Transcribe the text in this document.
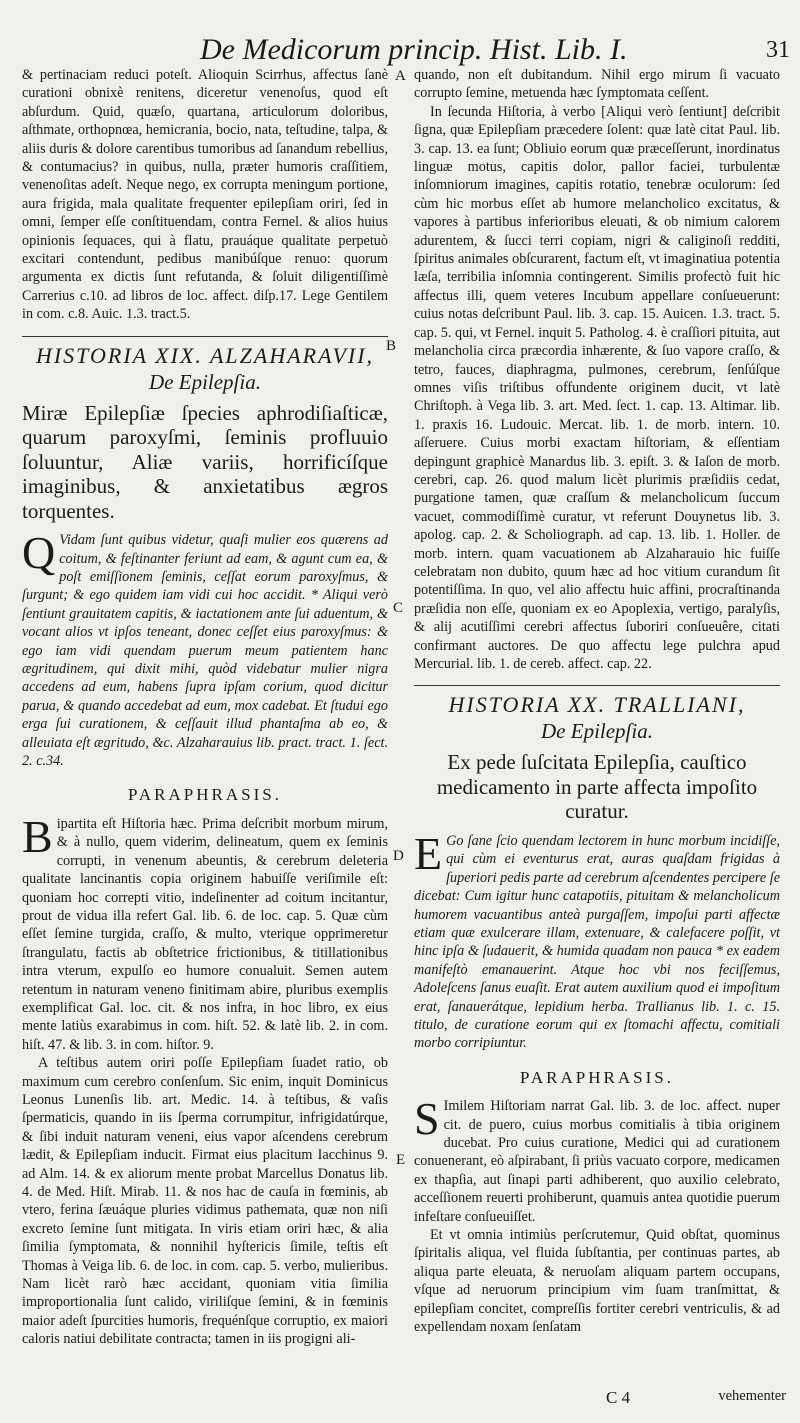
De Medicorum princip. Hist. Lib. I.	31

& pertinaciam reduci poteſt. Alioquin Scirrhus, affectus ſanè curationi obnixè renitens, diceretur venenoſus, quod eſt abſurdum. Quid, quæſo, quartana, articulorum doloribus, aſthmate, orthopnœa, hemicrania, bocio, nata, teſtudine, talpa, & aliis duris & dolore carentibus tumoribus ad ſanandum rebellius, & contumacius? in quibus, nulla, præter humoris craſſitiem, venenoſitas adeſt. Neque nego, ex corrupta meningum portione, aura frigida, mala qualitate frequenter epilepſiam oriri, ſed in omni, ſemper eſſe conſtituendam, contra Fernel. & alios huius opinionis ſequaces, qui à flatu, prauáque qualitate perpetuò excitari contendunt, pedibus manibúſque renuo: quorum argumenta ex dictis ſunt refutanda, & ſoluit diligentiſſimè Carrerius c.10. ad libros de loc. affect. diſp.17. Lege Gentilem in com. c.8. Auic. 1.3. tract.5.

HISTORIA XIX. ALZAHARAVII,

De Epilepſia.

Miræ Epilepſiæ ſpecies aphrodiſiaſticæ, quarum paroxyſmi, ſeminis profluuio ſoluuntur, Aliæ variis, horrificíſque imaginibus, & anxietatibus ægros torquentes.

Q Vidam ſunt quibus videtur, quaſi mulier eos quærens ad coitum, & feſtinanter feriunt ad eam, & agunt cum ea, & poſt emiſſionem ſeminis, ceſſat eorum paroxyſmus, & ſurgunt; & ego quidem iam vidi cui hoc accidit. * Aliqui verò ſentiunt grauitatem capitis, & iactationem ante ſui aduentum, & vocant alios vt ipſos teneant, donec ceſſet eius paroxyſmus: & ego iam vidi quendam puerum meum patientem hanc ægritudinem, qui dixit mihi, quòd videbatur mulier nigra accedens ad eum, habens ſupra ipſam corium, quod dicitur parua, & quando accedebat ad eum, mox cadebat. Et ſtudui ego erga ſui curationem, & ceſſauit illud phantaſma ab eo, & alleuiata eſt ægritudo, &c. Alzaharauius lib. pract. tract. 1. ſect. 2. c.34.

PARAPHRASIS.

Bipartita eſt Hiſtoria hæc. Prima deſcribit morbum mirum, & à nullo, quem viderim, delineatum, quem ex ſeminis corrupti, in venenum abeuntis, & cerebrum deleteria qualitate lancinantis copia originem habuiſſe veriſimile eſt: quoniam hoc correpti vitio, indeſinenter ad coitum incitantur, prout de vidua illa refert Gal. lib. 6. de loc. cap. 5. Quæ cùm eſſet ſemine turgida, craſſo, & multo, vterique opprimeretur ſtrangulatu, factis ab obſtetrice frictionibus, & titillationibus intra vterum, expulſo eo humore conualuit. Semen autem retentum in naturam veneno finitimam abire, pluribus exemplis exemplificat Gal. loc. cit. & nos infra, in hoc libro, ex eius mente latiùs exarabimus in com. hiſt. 52. & latè lib. 2. in com. hiſt. 47. & lib. 3. in com. hiſtor. 9.

A teſtibus autem oriri poſſe Epilepſiam ſuadet ratio, ob maximum cum cerebro conſenſum. Sic enim, inquit Dominicus Leonus Lunenſis lib. art. Medic. 14. à teſtibus, & vaſis ſpermaticis, quando in iis ſperma corrumpitur, infrigidatúrque, & ſibi induit naturam veneni, eius vapor aſcendens cerebrum lædit, & Epilepſiam inducit. Firmat eius placitum Iacchinus 9. ad Alm. 14. & ex aliorum mente probat Marcellus Donatus lib. 4. de Med. Hiſt. Mirab. 11. & nos hac de cauſa in fœminis, ab vtero, ferina ſæuáque pluries vidimus pathemata, quæ non niſi excreto ſemine ſunt mitigata. In viris etiam oriri hæc, & alia ſimilia ſymptomata, & nonnihil hyſtericis ſimile, teſtis eſt Thomas à Veiga lib. 6. de loc. in com. cap. 5. verbo, mulieribus. Nam licèt rarò hæc accidant, quoniam vitia ſimilia improportionalia ſunt calido, viriliſque ſemini, & in fœminis maior adeſt ſpurcities humoris, frequénſque corruptio, ex maiori caloris natiui debilitate contracta; tamen in iis progigni ali-

quando, non eſt dubitandum. Nihil ergo mirum ſi vacuato corrupto ſemine, metuenda hæc ſymptomata ceſſent.

In ſecunda Hiſtoria, à verbo [Aliqui verò ſentiunt] deſcribit ſigna, quæ Epilepſiam præcedere ſolent: quæ latè citat Paul. lib. 3. cap. 13. ea ſunt; Obliuio eorum quæ præceſſerunt, inordinatus linguæ motus, capitis dolor, pallor faciei, turbulentæ inſomniorum imagines, capitis rotatio, tenebræ oculorum: ſed cùm hic morbus eſſet ab humore melancholico excitatus, & vapores à partibus inferioribus eleuati, & ob nimium calorem adurentem, & ſucci terri copiam, nigri & caliginoſi redditi, ſpiritus animales obſcurarent, factum eſt, vt imaginatiua potentia læſa, terribilia inſomnia contingerent. Similis profectò fuit hic affectus illi, quem veteres Incubum appellare conſueuerunt: cuius notas deſcribunt Paul. lib. 3. cap. 15. Auicen. 1.3. tract. 5. cap. 5. qui, vt Fernel. inquit 5. Patholog. 4. è craſſiori pituita, aut melancholia circa præcordia inhærente, & ſuo vapore craſſo, & tetro, fauces, diaphragma, pulmones, cerebrum, ſenſúſque omnes viſis triſtibus offundente originem ducit, vt latè Chriſtoph. à Vega lib. 3. art. Med. ſect. 1. cap. 13. Altimar. lib. 1. praxis 16. Ludouic. Mercat. lib. 1. de morb. intern. 10. aſſeruere. Cuius morbi exactam hiſtoriam, & eſſentiam depingunt graphicè Manardus lib. 3. epiſt. 3. & Iaſon de morb. cerebri, cap. 26. quod malum licèt plurimis præſidiis cedat, purgatione tamen, quæ craſſum & melancholicum ſuccum vacuet, commodiſſimè curatur, vt referunt Douynetus lib. 3. apolog. cap. 2. & Scholiograph. ad cap. 13. lib. 1. Holler. de morb. intern. quam vacuationem ab Alzaharauio hic fuiſſe celebratam non dubito, quum hæc ad hoc vitium curandum ſit potentiſſima. In quo, vel alio affectu huic affini, procraſtinanda præſidia non eſſe, quoniam ex eo Apoplexia, vertigo, paralyſis, & alij acutiſſimi cerebri affectus ſuboriri conſueuêre, citati confirmant auctores. De quo affectu lege pulchra apud Mercurial. lib. 1. de cereb. affect. cap. 22.

HISTORIA XX. TRALLIANI,

De Epilepſia.

Ex pede ſuſcitata Epilepſia, cauſtico medicamento in parte affecta impoſito curatur.

E Go ſane ſcio quendam lectorem in hunc morbum incidiſſe, qui cùm ei eventurus erat, auras quaſdam frigidas à ſuperiori pedis parte ad cerebrum aſcendentes percipere ſe dicebat: Cum igitur hunc catapotiis, pituitam & melancholicum humorem vacuantibus anteà purgaſſem, impoſui parti affectæ etiam quæ exulcerare illam, extenuare, & calefacere poſſit, vt hinc ipſa & ſudauerit, & humida quadam non pauca * ex eadem manifeſtò emanauerint. Atque hoc vbi nos feciſſemus, Adoleſcens ſanus euaſit. Erat autem auxilium quod ei impoſitum erat, ſanauerátque, lepidium herba. Trallianus lib. 1. c. 15. titulo, de curatione eorum qui ex ſtomachi affectu, comitiali morbo corripiuntur.

PARAPHRASIS.

S Imilem Hiſtoriam narrat Gal. lib. 3. de loc. affect. nuper cit. de puero, cuius morbus comitialis à tibia originem ducebat. Pro cuius curatione, Medici qui ad curationem conuenerant, eò aſpirabant, ſi priùs vacuato corpore, medicamen ex thapſia, aut ſinapi parti adhiberent, quo auxilio celebrato, acceſſionem reuerti prohiberunt, quamuis antea quotidie puerum infeſtare conſueuiſſet.

Et vt omnia intimiùs perſcrutemur, Quid obſtat, quominus ſpiritalis aliqua, vel fluida ſubſtantia, per continuas partes, ab aliqua parte eleuata, & neruoſam aliquam partem occupans, vſque ad neruorum principium vim ſuam tranſmittat, & epilepſiam concitet, compreſſis fortiter cerebri ventriculis, & ad expellendam noxam ſenſatam

A
B
C
D
E
C 4	vehementer
